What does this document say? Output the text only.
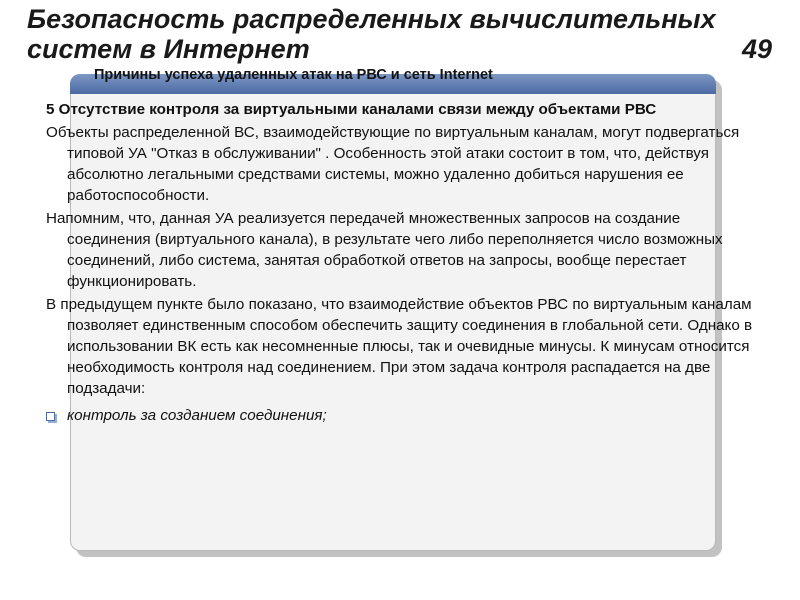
Безопасность распределенных вычислительных
систем в Интернет	49
Причины успеха удаленных атак на РВС и сеть Internet

5 Отсутствие контроля за виртуальными каналами связи между объектами РВС

Объекты распределенной ВС, взаимодействующие по виртуальным каналам, могут подвергаться типовой УА "Отказ в обслуживании" . Особенность этой атаки состоит в том, что, действуя абсолютно легальными средствами системы, можно удаленно добиться нарушения ее работоспособности.

Напомним, что, данная УА реализуется передачей множественных запросов на создание соединения (виртуального канала), в результате чего либо переполняется число возможных соединений, либо система, занятая обработкой ответов на запросы, вообще перестает функционировать.

В предыдущем пункте было показано, что взаимодействие объектов РВС по виртуальным каналам позволяет единственным способом обеспечить защиту соединения в глобальной сети. Однако в использовании ВК есть как несомненные плюсы, так и очевидные минусы. К минусам относится необходимость контроля над соединением. При этом задача контроля распадается на две подзадачи:

контроль за созданием соединения;
